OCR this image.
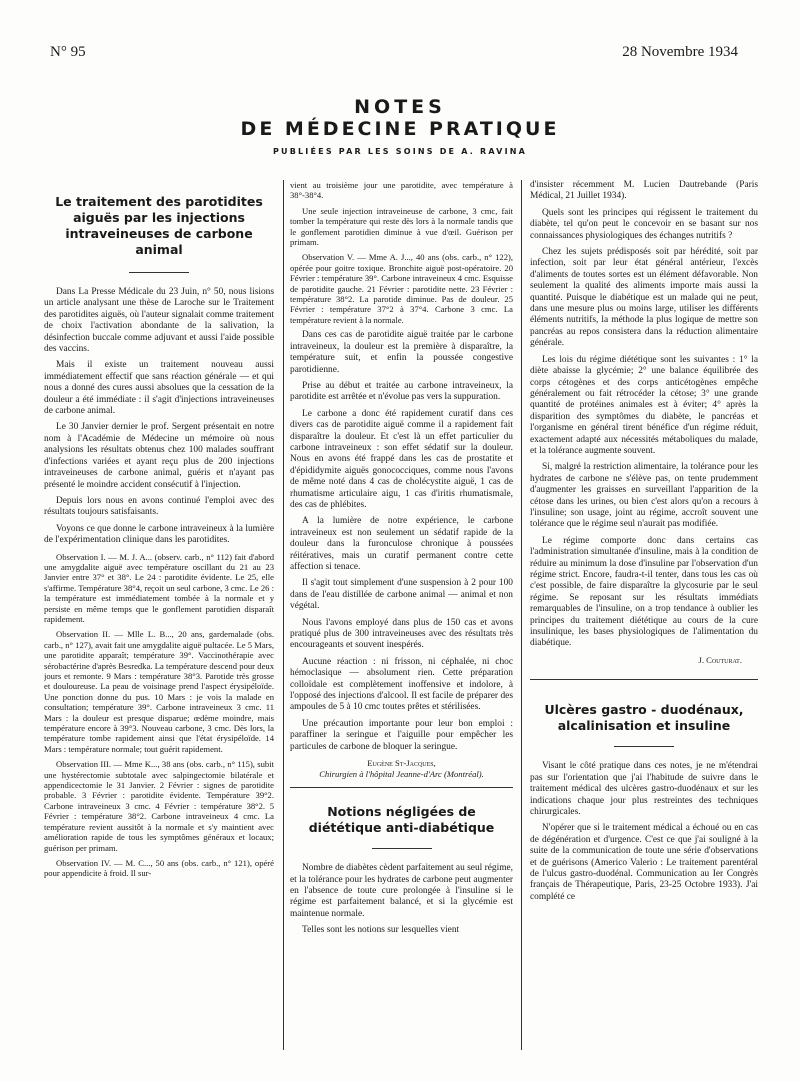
N° 95	28 Novembre 1934
NOTES
DE MÉDECINE PRATIQUE
PUBLIÉES PAR LES SOINS DE A. RAVINA
Le traitement des parotidites aiguës par les injections intraveineuses de carbone animal

Dans La Presse Médicale du 23 Juin, n° 50, nous lisions un article analysant une thèse de Laroche sur le Traitement des parotidites aiguës, où l'auteur signalait comme traitement de choix l'activation abondante de la salivation, la désinfection buccale comme adjuvant et aussi l'aide possible des vaccins.

Mais il existe un traitement nouveau aussi immédiatement effectif que sans réaction générale — et qui nous a donné des cures aussi absolues que la cessation de la douleur a été immédiate : il s'agit d'injections intraveineuses de carbone animal.

Le 30 Janvier dernier le prof. Sergent présentait en notre nom à l'Académie de Médecine un mémoire où nous analysions les résultats obtenus chez 100 malades souffrant d'infections variées et ayant reçu plus de 200 injections intraveineuses de carbone animal, guéris et n'ayant pas présenté le moindre accident consécutif à l'injection.

Depuis lors nous en avons continué l'emploi avec des résultats toujours satisfaisants.

Voyons ce que donne le carbone intraveineux à la lumière de l'expérimentation clinique dans les parotidites.

Observation I. — M. J. A... (observ. carb., n° 112) fait d'abord une amygdalite aiguë avec température oscillant du 21 au 23 Janvier entre 37° et 38°. Le 24 : parotidite évidente. Le 25, elle s'affirme. Température 38°4, reçoit un seul carbone, 3 cmc. Le 26 : la température est immédiatement tombée à la normale et y persiste en même temps que le gonflement parotidien disparaît rapidement.

Observation II. — Mlle L. B..., 20 ans, gardemalade (obs. carb., n° 127), avait fait une amygdalite aiguë pultacée. Le 5 Mars, une parotidite apparaît; température 39°. Vaccinothérapie avec sérobactérine d'après Besredka. La température descend pour deux jours et remonte. 9 Mars : température 38°3. Parotide très grosse et douloureuse. La peau de voisinage prend l'aspect érysipéloïde. Une ponction donne du pus. 10 Mars : je vois la malade en consultation; température 39°. Carbone intraveineux 3 cmc. 11 Mars : la douleur est presque disparue; œdème moindre, mais température encore à 39°3. Nouveau carbone, 3 cmc. Dès lors, la température tombe rapidement ainsi que l'état érysipéloïde. 14 Mars : température normale; tout guérit rapidement.

Observation III. — Mme K..., 38 ans (obs. carb., n° 115), subit une hystérectomie subtotale avec salpingectomie bilatérale et appendicectomie le 31 Janvier. 2 Février : signes de parotidite probable. 3 Février : parotidite évidente. Température 39°2. Carbone intraveineux 3 cmc. 4 Février : température 38°2. 5 Février : température 38°2. Carbone intraveineux 4 cmc. La température revient aussitôt à la normale et s'y maintient avec amélioration rapide de tous les symptômes généraux et locaux; guérison per primam.

Observation IV. — M. C..., 50 ans (obs. carb., n° 121), opéré pour appendicite à froid. Il sur-

vient au troisième jour une parotidite, avec température à 38°-38°4.

Une seule injection intraveineuse de carbone, 3 cmc, fait tomber la température qui reste dès lors à la normale tandis que le gonflement parotidien diminue à vue d'œil. Guérison per primam.

Observation V. — Mme A. J..., 40 ans (obs. carb., n° 122), opérée pour goitre toxique. Bronchite aiguë post-opératoire. 20 Février : température 39°. Carbone intraveineux 4 cmc. Esquisse de parotidite gauche. 21 Février : parotidite nette. 23 Février : température 38°2. La parotide diminue. Pas de douleur. 25 Février : température 37°2 à 37°4. Carbone 3 cmc. La température revient à la normale.

Dans ces cas de parotidite aiguë traitée par le carbone intraveineux, la douleur est la première à disparaître, la température suit, et enfin la poussée congestive parotidienne.

Prise au début et traitée au carbone intraveineux, la parotidite est arrêtée et n'évolue pas vers la suppuration.

Le carbone a donc été rapidement curatif dans ces divers cas de parotidite aiguë comme il a rapidement fait disparaître la douleur. Et c'est là un effet particulier du carbone intraveineux : son effet sédatif sur la douleur. Nous en avons été frappé dans les cas de prostatite et d'épididymite aiguës gonococciques, comme nous l'avons de même noté dans 4 cas de cholécystite aiguë, 1 cas de rhumatisme articulaire aigu, 1 cas d'iritis rhumatismale, des cas de phlébites.

A la lumière de notre expérience, le carbone intraveineux est non seulement un sédatif rapide de la douleur dans la furonculose chronique à poussées réitératives, mais un curatif permanent contre cette affection si tenace.

Il s'agit tout simplement d'une suspension à 2 pour 100 dans de l'eau distillée de carbone animal — animal et non végétal.

Nous l'avons employé dans plus de 150 cas et avons pratiqué plus de 300 intraveineuses avec des résultats très encourageants et souvent inespérés.

Aucune réaction : ni frisson, ni céphalée, ni choc hémoclasique — absolument rien. Cette préparation colloïdale est complètement inoffensive et indolore, à l'opposé des injections d'alcool. Il est facile de préparer des ampoules de 5 à 10 cmc toutes prêtes et stérilisées.

Une précaution importante pour leur bon emploi : paraffiner la seringue et l'aiguille pour empêcher les particules de carbone de bloquer la seringue.

Eugène St-Jacques,
Chirurgien à l'hôpital Jeanne-d'Arc (Montréal).
Notions négligées de diététique anti-diabétique

Nombre de diabètes cèdent parfaitement au seul régime, et la tolérance pour les hydrates de carbone peut augmenter en l'absence de toute cure prolongée à l'insuline si le régime est parfaitement balancé, et si la glycémie est maintenue normale.

Telles sont les notions sur lesquelles vient

d'insister récemment M. Lucien Dautrebande (Paris Médical, 21 Juillet 1934).

Quels sont les principes qui régissent le traitement du diabète, tel qu'on peut le concevoir en se basant sur nos connaissances physiologiques des échanges nutritifs ?

Chez les sujets prédisposés soit par hérédité, soit par infection, soit par leur état général antérieur, l'excès d'aliments de toutes sortes est un élément défavorable. Non seulement la qualité des aliments importe mais aussi la quantité. Puisque le diabétique est un malade qui ne peut, dans une mesure plus ou moins large, utiliser les différents éléments nutritifs, la méthode la plus logique de mettre son pancréas au repos consistera dans la réduction alimentaire générale.

Les lois du régime diététique sont les suivantes : 1° la diète abaisse la glycémie; 2° une balance équilibrée des corps cétogènes et des corps anticétogènes empêche généralement ou fait rétrocéder la cétose; 3° une grande quantité de protéines animales est à éviter; 4° après la disparition des symptômes du diabète, le pancréas et l'organisme en général tirent bénéfice d'un régime réduit, exactement adapté aux nécessités métaboliques du malade, et la tolérance augmente souvent.

Si, malgré la restriction alimentaire, la tolérance pour les hydrates de carbone ne s'élève pas, on tente prudemment d'augmenter les graisses en surveillant l'apparition de la cétose dans les urines, ou bien c'est alors qu'on a recours à l'insuline; son usage, joint au régime, accroît souvent une tolérance que le régime seul n'aurait pas modifiée.

Le régime comporte donc dans certains cas l'administration simultanée d'insuline, mais à la condition de réduire au minimum la dose d'insuline par l'observation d'un régime strict. Encore, faudra-t-il tenter, dans tous les cas où c'est possible, de faire disparaître la glycosurie par le seul régime. Se reposant sur les résultats immédiats remarquables de l'insuline, on a trop tendance à oublier les principes du traitement diététique au cours de la cure insulinique, les bases physiologiques de l'alimentation du diabétique.

J. Couturat.
Ulcères gastro - duodénaux, alcalinisation et insuline

Visant le côté pratique dans ces notes, je ne m'étendrai pas sur l'orientation que j'ai l'habitude de suivre dans le traitement médical des ulcères gastro-duodénaux et sur les indications chaque jour plus restreintes des techniques chirurgicales.

N'opérer que si le traitement médical a échoué ou en cas de dégénération et d'urgence. C'est ce que j'ai souligné à la suite de la communication de toute une série d'observations et de guérisons (Americo Valerio : Le traitement parentéral de l'ulcus gastro-duodénal. Communication au Ier Congrès français de Thérapeutique, Paris, 23-25 Octobre 1933). J'ai complété ce
